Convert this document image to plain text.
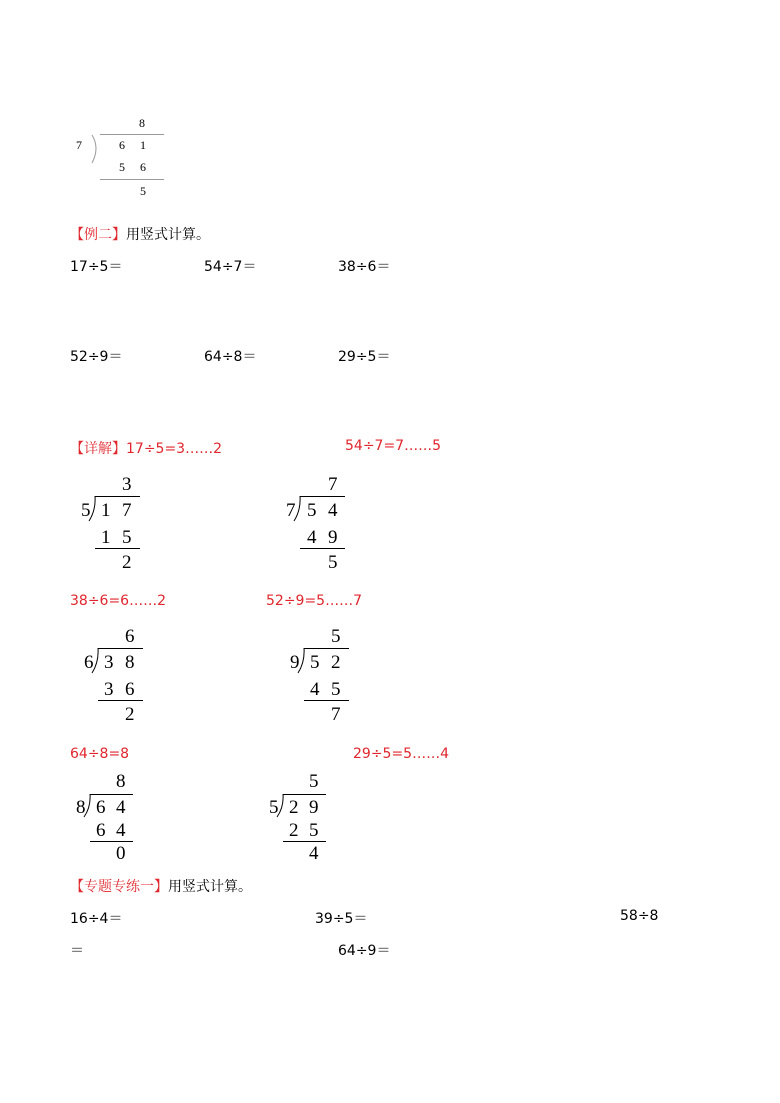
8
7	6 1
5 6
5
【例二】用竖式计算。
17÷5＝	54÷7＝	38÷6＝
52÷9＝	64÷8＝	29÷5＝
【详解】17÷5=3……2	54÷7=7……5
3
5 1 7
1 5
2
7
7 5 4
4 9
5
38÷6=6……2	52÷9=5……7
6
6 3 8
3 6
2
5
9 5 2
4 5
7
64÷8=8	29÷5=5……4
8
8 6 4
6 4
0
5
5 2 9
2 5
4
【专题专练一】用竖式计算。
16÷4＝	39÷5＝	58÷8
＝	64÷9＝
